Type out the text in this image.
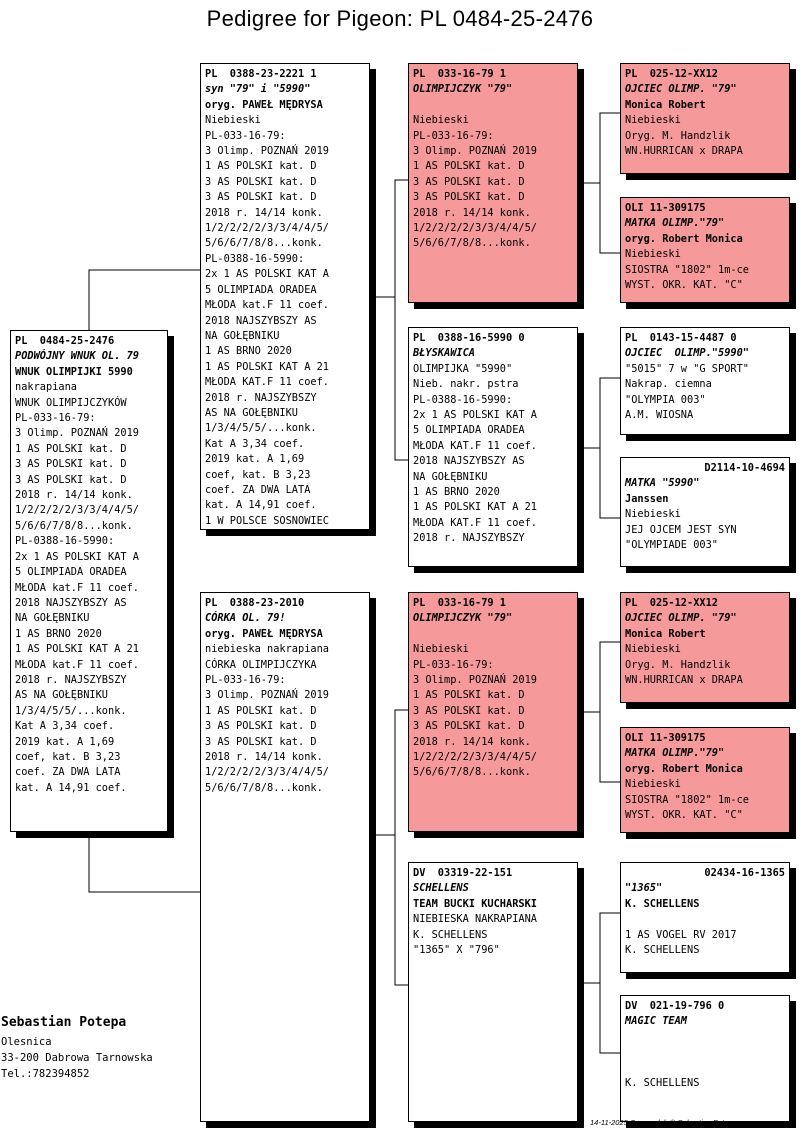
Pedigree for Pigeon: PL 0484-25-2476
PL  0484-25-2476
PODWÓJNY WNUK OL. 79
WNUK OLIMPIJKI 5990
nakrapiana
WNUK OLIMPIJCZYKÓW
PL-033-16-79:
3 Olimp. POZNAŃ 2019
1 AS POLSKI kat. D
3 AS POLSKI kat. D
3 AS POLSKI kat. D
2018 r. 14/14 konk.
1/2/2/2/2/3/3/4/4/5/
5/6/6/7/8/8...konk.
PL-0388-16-5990:
2x 1 AS POLSKI KAT A
5 OLIMPIADA ORADEA
MŁODA kat.F 11 coef.
2018 NAJSZYBSZY AS
NA GOŁĘBNIKU
1 AS BRNO 2020
1 AS POLSKI KAT A 21
MŁODA kat.F 11 coef.
2018 r. NAJSZYBSZY
AS NA GOŁĘBNIKU
1/3/4/5/5/...konk.
Kat A 3,34 coef.
2019 kat. A 1,69
coef, kat. B 3,23
coef. ZA DWA LATA
kat. A 14,91 coef.
PL  0388-23-2221 1
syn "79" i "5990"
oryg. PAWEŁ MĘDRYSA
Niebieski
PL-033-16-79:
3 Olimp. POZNAŃ 2019
1 AS POLSKI kat. D
3 AS POLSKI kat. D
3 AS POLSKI kat. D
2018 r. 14/14 konk.
1/2/2/2/2/3/3/4/4/5/
5/6/6/7/8/8...konk.
PL-0388-16-5990:
2x 1 AS POLSKI KAT A
5 OLIMPIADA ORADEA
MŁODA kat.F 11 coef.
2018 NAJSZYBSZY AS
NA GOŁĘBNIKU
1 AS BRNO 2020
1 AS POLSKI KAT A 21
MŁODA KAT.F 11 coef.
2018 r. NAJSZYBSZY
AS NA GOŁĘBNIKU
1/3/4/5/5/...konk.
Kat A 3,34 coef.
2019 kat. A 1,69
coef, kat. B 3,23
coef. ZA DWA LATA
kat. A 14,91 coef.
1 W POLSCE SOSNOWIEC
PL  0388-23-2010
CÓRKA OL. 79!
oryg. PAWEŁ MĘDRYSA
niebieska nakrapiana
CÓRKA OLIMPIJCZYKA
PL-033-16-79:
3 Olimp. POZNAŃ 2019
1 AS POLSKI kat. D
3 AS POLSKI kat. D
3 AS POLSKI kat. D
2018 r. 14/14 konk.
1/2/2/2/2/3/3/4/4/5/
5/6/6/7/8/8...konk.
PL  033-16-79 1
OLIMPIJCZYK "79"

Niebieski
PL-033-16-79:
3 Olimp. POZNAŃ 2019
1 AS POLSKI kat. D
3 AS POLSKI kat. D
3 AS POLSKI kat. D
2018 r. 14/14 konk.
1/2/2/2/2/3/3/4/4/5/
5/6/6/7/8/8...konk.
PL  0388-16-5990 0
BŁYSKAWICA
OLIMPIJKA "5990"
Nieb. nakr. pstra
PL-0388-16-5990:
2x 1 AS POLSKI KAT A
5 OLIMPIADA ORADEA
MŁODA KAT.F 11 coef.
2018 NAJSZYBSZY AS
NA GOŁĘBNIKU
1 AS BRNO 2020
1 AS POLSKI KAT A 21
MŁODA KAT.F 11 coef.
2018 r. NAJSZYBSZY
PL  033-16-79 1
OLIMPIJCZYK "79"

Niebieski
PL-033-16-79:
3 Olimp. POZNAŃ 2019
1 AS POLSKI kat. D
3 AS POLSKI kat. D
3 AS POLSKI kat. D
2018 r. 14/14 konk.
1/2/2/2/2/3/3/4/4/5/
5/6/6/7/8/8...konk.
DV  03319-22-151
SCHELLENS
TEAM BUCKI KUCHARSKI
NIEBIESKA NAKRAPIANA
K. SCHELLENS
"1365" X "796"
PL  025-12-XX12
OJCIEC OLIMP. "79"
Monica Robert
Niebieski
Oryg. M. Handzlik
WN.HURRICAN x DRAPA
OLI 11-309175
MATKA OLIMP."79"
oryg. Robert Monica
Niebieski
SIOSTRA "1802" 1m-ce
WYST. OKR. KAT. "C"
PL  0143-15-4487 0
OJCIEC  OLIMP."5990"
"5015" 7 w "G SPORT"
Nakrap. ciemna
"OLYMPIA 003"
A.M. WIOSNA
D2114-10-4694
MATKA "5990"
Janssen
Niebieski
JEJ OJCEM JEST SYN
"OLYMPIADE 003"
PL  025-12-XX12
OJCIEC OLIMP. "79"
Monica Robert
Niebieski
Oryg. M. Handzlik
WN.HURRICAN x DRAPA
OLI 11-309175
MATKA OLIMP."79"
oryg. Robert Monica
Niebieski
SIOSTRA "1802" 1m-ce
WYST. OKR. KAT. "C"
02434-16-1365
"1365"
K. SCHELLENS

1 AS VOGEL RV 2017
K. SCHELLENS
DV  021-19-796 0
MAGIC TEAM

K. SCHELLENS
Sebastian Potepa
Olesnica
33-200 Dabrowa Tarnowska
Tel.:782394852
14-11-2025 Compuclub © Sebastian Potepa
